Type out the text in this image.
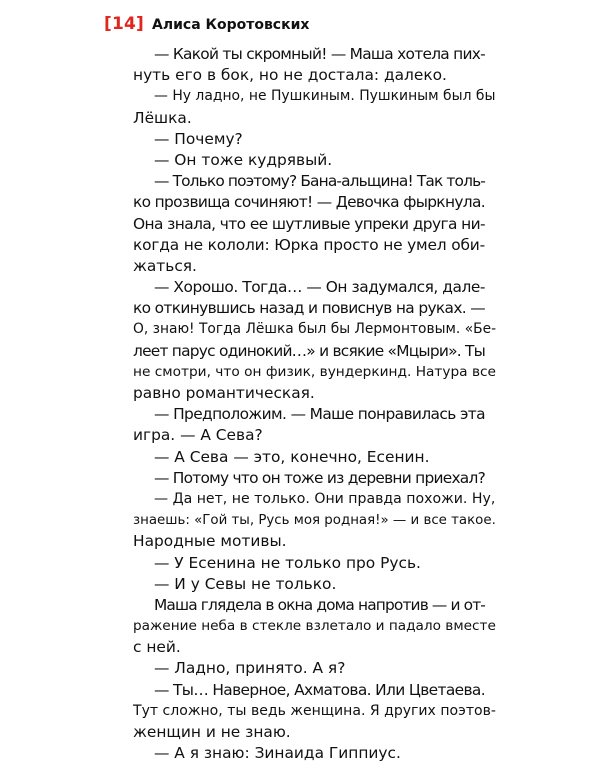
[14] Алиса Коротовских
— Какой ты скромный! — Маша хотела пих-
нуть его в бок, но не достала: далеко.
— Ну ладно, не Пушкиным. Пушкиным был бы
Лёшка.
— Почему?
— Он тоже кудрявый.
— Только поэтому? Бана-альщина! Так толь-
ко прозвища сочиняют! — Девочка фыркнула.
Она знала, что ее шутливые упреки друга ни-
когда не кололи: Юрка просто не умел оби-
жаться.
— Хорошо. Тогда… — Он задумался, дале-
ко откинувшись назад и повиснув на руках. —
О, знаю! Тогда Лёшка был бы Лермонтовым. «Бе-
леет парус одинокий…» и всякие «Мцыри». Ты
не смотри, что он физик, вундеркинд. Натура все
равно романтическая.
— Предположим. — Маше понравилась эта
игра. — А Сева?
— А Сева — это, конечно, Есенин.
— Потому что он тоже из деревни приехал?
— Да нет, не только. Они правда похожи. Ну,
знаешь: «Гой ты, Русь моя родная!» — и все такое.
Народные мотивы.
— У Есенина не только про Русь.
— И у Севы не только.
Маша глядела в окна дома напротив — и от-
ражение неба в стекле взлетало и падало вместе
с ней.
— Ладно, принято. А я?
— Ты… Наверное, Ахматова. Или Цветаева.
Тут сложно, ты ведь женщина. Я других поэтов-
женщин и не знаю.
— А я знаю: Зинаида Гиппиус.
